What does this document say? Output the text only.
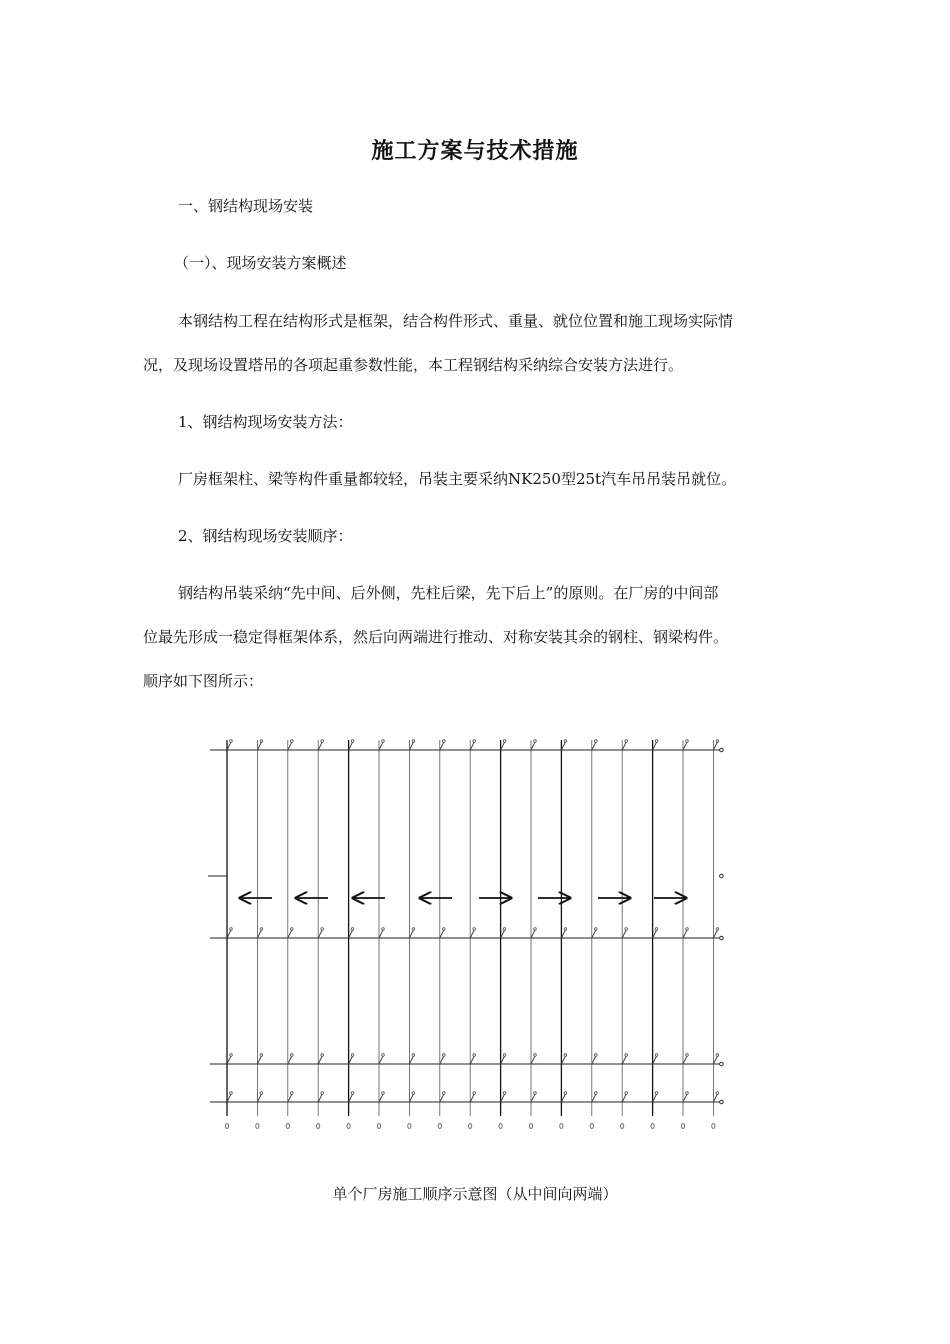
施工方案与技术措施
一、钢结构现场安装
（一）、现场安装方案概述
本钢结构工程在结构形式是框架，结合构件形式、重量、就位位置和施工现场实际情
况，及现场设置塔吊的各项起重参数性能，本工程钢结构采纳综合安装方法进行。
1、钢结构现场安装方法：
厂房框架柱、梁等构件重量都较轻，吊装主要采纳NK250型25t汽车吊吊装吊就位。
2、钢结构现场安装顺序：
钢结构吊装采纳“先中间、后外侧，先柱后梁，先下后上”的原则。在厂房的中间部
位最先形成一稳定得框架体系，然后向两端进行推动、对称安装其余的钢柱、钢梁构件。
顺序如下图所示：
单个厂房施工顺序示意图（从中间向两端）
